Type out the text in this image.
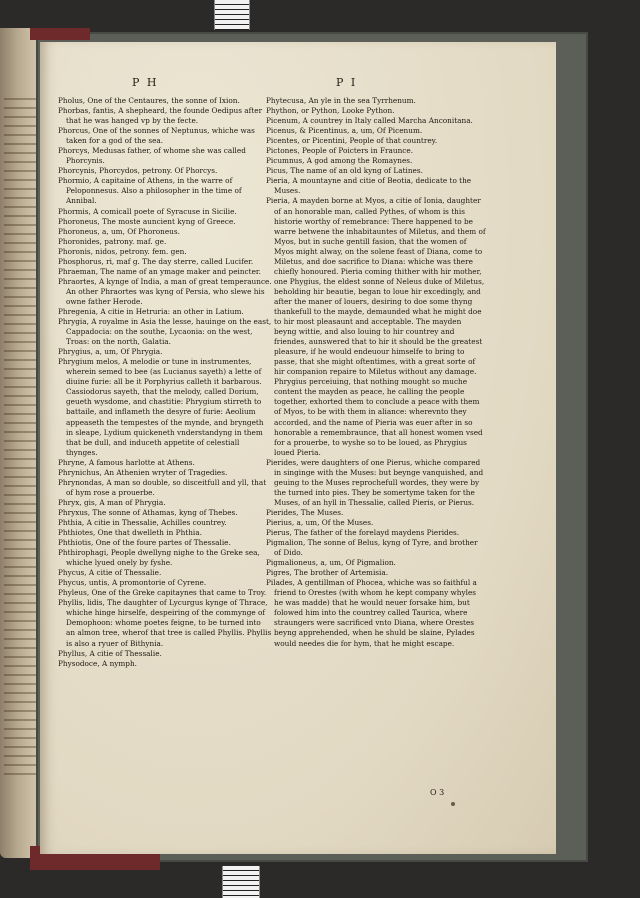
P H	P I

Pholus, One of the Centaures, the sonne of Ixion.

Phorbas, fantis, A shepheard, the founde Oedipus after that he was hanged vp by the fecte.

Phorcus, One of the sonnes of Neptunus, whiche was taken for a god of the sea.

Phorcys, Medusas father, of whome she was called Phorcynis.

Phorcynis, Phorcydos, petrony. Of Phorcys.

Phormio, A capitaine of Athens, in the warre of Peloponnesus. Also a philosopher in the time of Annibal.

Phormis, A comicall poete of Syracuse in Sicilie.

Phoroneus, The moste auncient kyng of Greece.

Phoroneus, a, um, Of Phoroneus.

Phoronides, patrony. maf. ge.

Phoronis, nidos, petrony. fem. gen.

Phosphorus, ri, maf g. The day sterre, called Lucifer.

Phraeman, The name of an ymage maker and peincter.

Phraortes, A kynge of India, a man of great temperaunce. An other Phraortes was kyng of Persia, who slewe his owne father Herode.

Phregenia, A citie in Hetruria: an other in Latium.

Phrygia, A royalme in Asia the lesse, hauinge on the east, Cappadocia: on the southe, Lycaonia: on the west, Troas: on the north, Galatia.

Phrygius, a, um, Of Phrygia.

Phrygium melos, A melodie or tune in instrumentes, wherein semed to bee (as Lucianus sayeth) a lette of diuine furie: all be it Porphyrius calleth it barbarous. Cassiodorus sayeth, that the melody, called Dorium, geueth wysdome, and chastitie: Phrygium stirreth to battaile, and inflameth the desyre of furie: Aeolium appeaseth the tempestes of the mynde, and bryngeth in sleape, Lydium quickeneth vnderstandyng in them that be dull, and induceth appetite of celestiall thynges.

Phryne, A famous harlotte at Athens.

Phrynichus, An Athenien wryter of Tragedies.

Phrynondas, A man so double, so disceitfull and yll, that of hym rose a prouerbe.

Phryx, gis, A man of Phrygia.

Phryxus, The sonne of Athamas, kyng of Thebes.

Phthia, A citie in Thessalie, Achilles countrey.

Phthiotes, One that dwelleth in Phthia.

Phthiotis, One of the foure partes of Thessalie.

Phthirophagi, People dwellyng nighe to the Greke sea, whiche lyued onely by fyshe.

Phycus, A citie of Thessalie.

Phycus, untis, A promontorie of Cyrene.

Phyleus, One of the Greke capitaynes that came to Troy.

Phyllis, lidis, The daughter of Lycurgus kynge of Thrace, whiche hinge hirselfe, despeiring of the commynge of Demophoon: whome poetes feigne, to be turned into an almon tree, wherof that tree is called Phyllis. Phyllis is also a ryuer of Bithynia.

Phyllus, A citie of Thessalie.

Physodoce, A nymph.

Phytecusa, An yle in the sea Tyrrhenum.

Phython, or Python, Looke Python.

Picenum, A countrey in Italy called Marcha Anconitana.

Picenus, & Picentinus, a, um, Of Picenum.

Picentes, or Picentini, People of that countrey.

Pictones, People of Poicters in Fraunce.

Picumnus, A god among the Romaynes.

Picus, The name of an old kyng of Latines.

Pieria, A mountayne and citie of Beotia, dedicate to the Muses.

Pieria, A mayden borne at Myos, a citie of Ionia, daughter of an honorable man, called Pythes, of whom is this historie worthy of remebrance: There happened to be warre betwene the inhabitauntes of Miletus, and them of Myos, but in suche gentill fasion, that the women of Myos might alway, on the solene feast of Diana, come to Miletus, and doe sacrifice to Diana: whiche was there chiefly honoured. Pieria coming thither with hir mother, one Phygius, the eldest sonne of Neleus duke of Miletus, beholding hir beautie, began to loue hir excedingly, and after the maner of louers, desiring to doe some thyng thankefull to the mayde, demaunded what he might doe to hir most pleasaunt and acceptable. The mayden beyng wittie, and also louing to hir countrey and friendes, aunswered that to hir it should be the greatest pleasure, if he would endeuour himselfe to bring to passe, that she might oftentimes, with a great sorte of hir companion repaire to Miletus without any damage. Phrygius perceiuing, that nothing mought so muche content the mayden as peace, he calling the people together, exhorted them to conclude a peace with them of Myos, to be with them in aliance: wherevnto they accorded, and the name of Pieria was euer after in so honorable a remembraunce, that all honest women vsed for a prouerbe, to wyshe so to be loued, as Phrygius loued Pieria.

Pierides, were daughters of one Pierus, whiche compared in singinge with the Muses: but beynge vanquished, and geuing to the Muses reprochefull wordes, they were by the turned into pies. They be somertyme taken for the Muses, of an hyll in Thessalie, called Pieris, or Pierus.

Pierides, The Muses.

Pierius, a, um, Of the Muses.

Pierus, The father of the forelayd maydens Pierides.

Pigmalion, The sonne of Belus, kyng of Tyre, and brother of Dido.

Pigmalioneus, a, um, Of Pigmalion.

Pigres, The brother of Artemisia.

Pilades, A gentillman of Phocea, whiche was so faithful a friend to Orestes (with whom he kept company whyles he was madde) that he would neuer forsake him, but folowed him into the countrey called Taurica, where straungers were sacrificed vnto Diana, where Orestes beyng apprehended, when he shuld be slaine, Pylades would needes die for hym, that he might escape.

O 3
